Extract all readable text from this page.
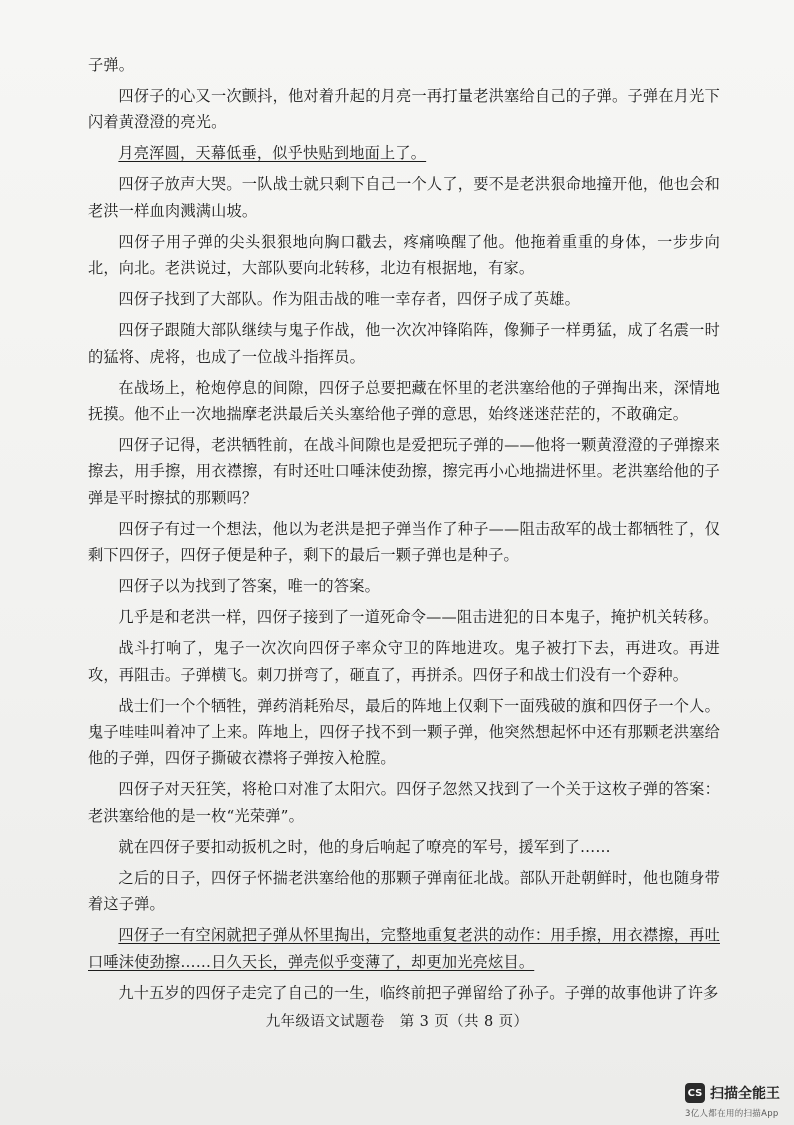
子弹。

四伢子的心又一次颤抖，他对着升起的月亮一再打量老洪塞给自己的子弹。子弹在月光下闪着黄澄澄的亮光。

月亮浑圆，天幕低垂，似乎快贴到地面上了。

四伢子放声大哭。一队战士就只剩下自己一个人了，要不是老洪狠命地撞开他，他也会和老洪一样血肉溅满山坡。

四伢子用子弹的尖头狠狠地向胸口戳去，疼痛唤醒了他。他拖着重重的身体，一步步向北，向北。老洪说过，大部队要向北转移，北边有根据地，有家。

四伢子找到了大部队。作为阻击战的唯一幸存者，四伢子成了英雄。

四伢子跟随大部队继续与鬼子作战，他一次次冲锋陷阵，像狮子一样勇猛，成了名震一时的猛将、虎将，也成了一位战斗指挥员。

在战场上，枪炮停息的间隙，四伢子总要把藏在怀里的老洪塞给他的子弹掏出来，深情地抚摸。他不止一次地揣摩老洪最后关头塞给他子弹的意思，始终迷迷茫茫的，不敢确定。

四伢子记得，老洪牺牲前，在战斗间隙也是爱把玩子弹的——他将一颗黄澄澄的子弹擦来擦去，用手擦，用衣襟擦，有时还吐口唾沫使劲擦，擦完再小心地揣进怀里。老洪塞给他的子弹是平时擦拭的那颗吗？

四伢子有过一个想法，他以为老洪是把子弹当作了种子——阻击敌军的战士都牺牲了，仅剩下四伢子，四伢子便是种子，剩下的最后一颗子弹也是种子。

四伢子以为找到了答案，唯一的答案。

几乎是和老洪一样，四伢子接到了一道死命令——阻击进犯的日本鬼子，掩护机关转移。

战斗打响了，鬼子一次次向四伢子率众守卫的阵地进攻。鬼子被打下去，再进攻。再进攻，再阻击。子弹横飞。刺刀拼弯了，砸直了，再拼杀。四伢子和战士们没有一个孬种。

战士们一个个牺牲，弹药消耗殆尽，最后的阵地上仅剩下一面残破的旗和四伢子一个人。鬼子哇哇叫着冲了上来。阵地上，四伢子找不到一颗子弹，他突然想起怀中还有那颗老洪塞给他的子弹，四伢子撕破衣襟将子弹按入枪膛。

四伢子对天狂笑，将枪口对准了太阳穴。四伢子忽然又找到了一个关于这枚子弹的答案：老洪塞给他的是一枚“光荣弹”。

就在四伢子要扣动扳机之时，他的身后响起了嘹亮的军号，援军到了……

之后的日子，四伢子怀揣老洪塞给他的那颗子弹南征北战。部队开赴朝鲜时，他也随身带着这子弹。

四伢子一有空闲就把子弹从怀里掏出，完整地重复老洪的动作：用手擦，用衣襟擦，再吐口唾沫使劲擦……日久天长，弹壳似乎变薄了，却更加光亮炫目。

九十五岁的四伢子走完了自己的一生，临终前把子弹留给了孙子。子弹的故事他讲了许多

九年级语文试题卷　第 3 页（共 8 页）
CS 扫描全能王
3亿人都在用的扫描App
